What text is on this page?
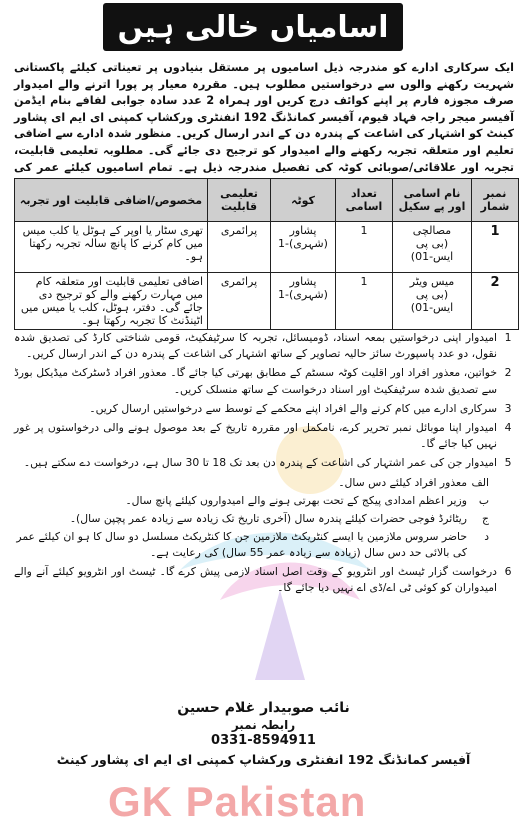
اسامیاں خالی ہیں
ایک سرکاری ادارے کو مندرجہ ذیل اسامیوں پر مستقل بنیادوں پر تعیناتی کیلئے پاکستانی شہریت رکھنے والوں سے درخواستیں مطلوب ہیں۔ مقررہ معیار پر پورا اترنے والے امیدوار صرف مجوزہ فارم پر اپنے کوائف درج کریں اور ہمراہ 2 عدد سادہ جوابی لفافے بنام ایڈمن آفیسر میجر راجہ فہاد قیوم، آفیسر کمانڈنگ 192 انفنٹری ورکشاپ کمپنی ای ایم ای پشاور کینٹ کو اشتہار کی اشاعت کے پندرہ دن کے اندر ارسال کریں۔ منظور شدہ ادارے سے اضافی تعلیم اور متعلقہ تجربہ رکھنے والے امیدوار کو ترجیح دی جائے گی۔ مطلوبہ تعلیمی قابلیت، تجربہ اور علاقائی/صوبائی کوٹہ کی تفصیل مندرجہ ذیل ہے۔ تمام اسامیوں کیلئے عمر کی
نمبر شمار	نام اسامی اور پے سکیل	تعداد اسامی	کوٹہ	تعلیمی قابلیت	مخصوص/اضافی قابلیت اور تجربہ
1	مصالچی
(بی پی ایس-01)	1	پشاور (شہری)-1	پرائمری	تھری سٹار یا اوپر کے ہوٹل یا کلب میس میں کام کرنے کا پانچ سالہ تجربہ رکھتا ہو۔
2	میس ویٹر
(بی پی ایس-01)	1	پشاور (شہری)-1	پرائمری	اضافی تعلیمی قابلیت اور متعلقہ کام میں مہارت رکھنے والے کو ترجیح دی جائے گی۔ دفتر، ہوٹل، کلب یا میس میں اٹینڈنٹ کا تجربہ رکھتا ہو۔
1
امیدوار اپنی درخواستیں بمعہ اسناد، ڈومیسائل، تجربہ کا سرٹیفکیٹ، قومی شناختی کارڈ کی تصدیق شدہ نقول، دو عدد پاسپورٹ سائز حالیہ تصاویر کے ساتھ اشتہار کی اشاعت کے پندرہ دن کے اندر ارسال کریں۔
2
خواتین، معذور افراد اور اقلیت کوٹہ سسٹم کے مطابق بھرتی کیا جائے گا۔ معذور افراد ڈسٹرکٹ میڈیکل بورڈ سے تصدیق شدہ سرٹیفکیٹ اور اسناد درخواست کے ساتھ منسلک کریں۔
3
سرکاری ادارے میں کام کرنے والے افراد اپنے محکمے کے توسط سے درخواستیں ارسال کریں۔
4
امیدوار اپنا موبائل نمبر تحریر کرے، نامکمل اور مقررہ تاریخ کے بعد موصول ہونے والی درخواستوں پر غور نہیں کیا جائے گا۔
5
امیدوار جن کی عمر اشتہار کی اشاعت کے پندرہ دن بعد تک 18 تا 30 سال ہے، درخواست دے سکتے ہیں۔
الف
معذور افراد کیلئے دس سال۔
ب
وزیر اعظم امدادی پیکج کے تحت بھرتی ہونے والے امیدواروں کیلئے پانچ سال۔
ج
ریٹائرڈ فوجی حضرات کیلئے پندرہ سال (آخری تاریخ تک زیادہ سے زیادہ عمر پچپن سال)۔
د
حاضر سروس ملازمین یا ایسے کنٹریکٹ ملازمین جن کا کنٹریکٹ مسلسل دو سال کا ہو ان کیلئے عمر کی بالائی حد دس سال (زیادہ سے زیادہ عمر 55 سال) کی رعایت ہے۔
6
درخواست گزار ٹیسٹ اور انٹرویو کے وقت اصل اسناد لازمی پیش کرے گا۔ ٹیسٹ اور انٹرویو کیلئے آنے والے امیدواران کو کوئی ٹی اے/ڈی اے نہیں دیا جائے گا۔
نائب صوبیدار غلام حسین
رابطہ نمبر
0331-8594911
آفیسر کمانڈنگ 192 انفنٹری ورکشاپ کمپنی ای ایم ای پشاور کینٹ
GK Pakistan
